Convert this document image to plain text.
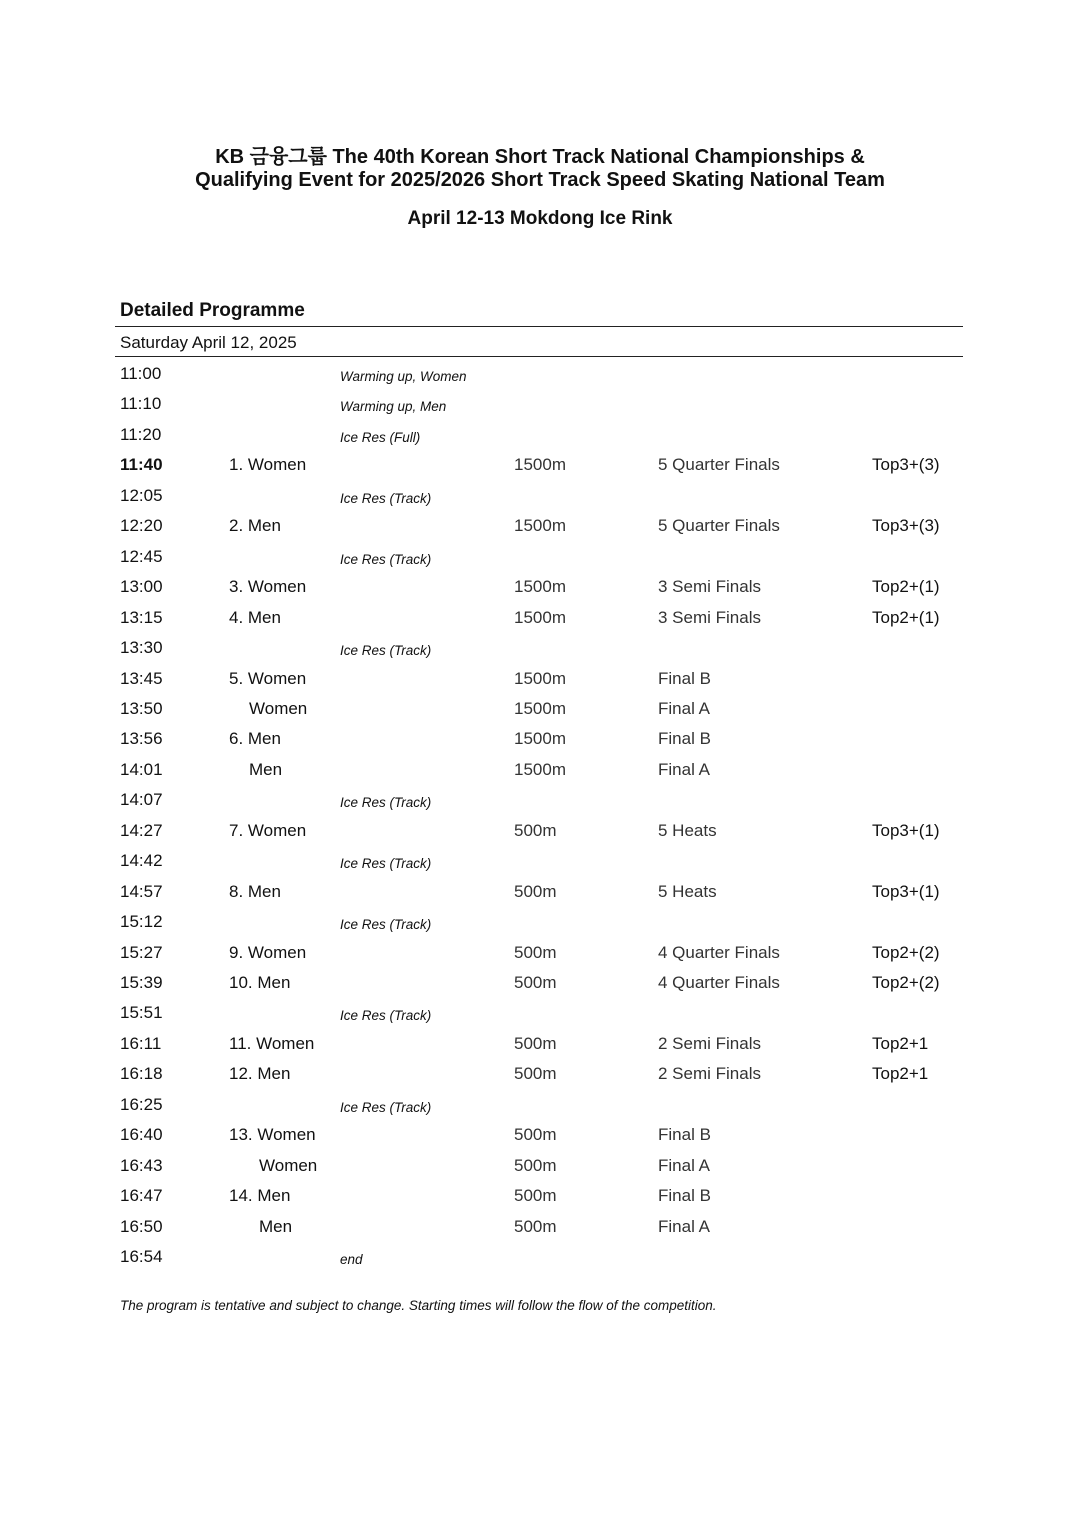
KB 금융그룹 The 40th Korean Short Track National Championships &
Qualifying Event for 2025/2026 Short Track Speed Skating National Team
April 12-13 Mokdong Ice Rink
Detailed Programme
Saturday April 12, 2025
11:00	Warming up, Women
11:10	Warming up, Men
11:20	Ice Res (Full)
11:40	1. Women	1500m	5 Quarter Finals	Top3+(3)
12:05	Ice Res (Track)
12:20	2. Men	1500m	5 Quarter Finals	Top3+(3)
12:45	Ice Res (Track)
13:00	3. Women	1500m	3 Semi Finals	Top2+(1)
13:15	4. Men	1500m	3 Semi Finals	Top2+(1)
13:30	Ice Res (Track)
13:45	5. Women	1500m	Final B
13:50	Women	1500m	Final A
13:56	6. Men	1500m	Final B
14:01	Men	1500m	Final A
14:07	Ice Res (Track)
14:27	7. Women	500m	5 Heats	Top3+(1)
14:42	Ice Res (Track)
14:57	8. Men	500m	5 Heats	Top3+(1)
15:12	Ice Res (Track)
15:27	9. Women	500m	4 Quarter Finals	Top2+(2)
15:39	10. Men	500m	4 Quarter Finals	Top2+(2)
15:51	Ice Res (Track)
16:11	11. Women	500m	2 Semi Finals	Top2+1
16:18	12. Men	500m	2 Semi Finals	Top2+1
16:25	Ice Res (Track)
16:40	13. Women	500m	Final B
16:43	Women	500m	Final A
16:47	14. Men	500m	Final B
16:50	Men	500m	Final A
16:54	end

The program is tentative and subject to change. Starting times will follow the flow of the competition.
